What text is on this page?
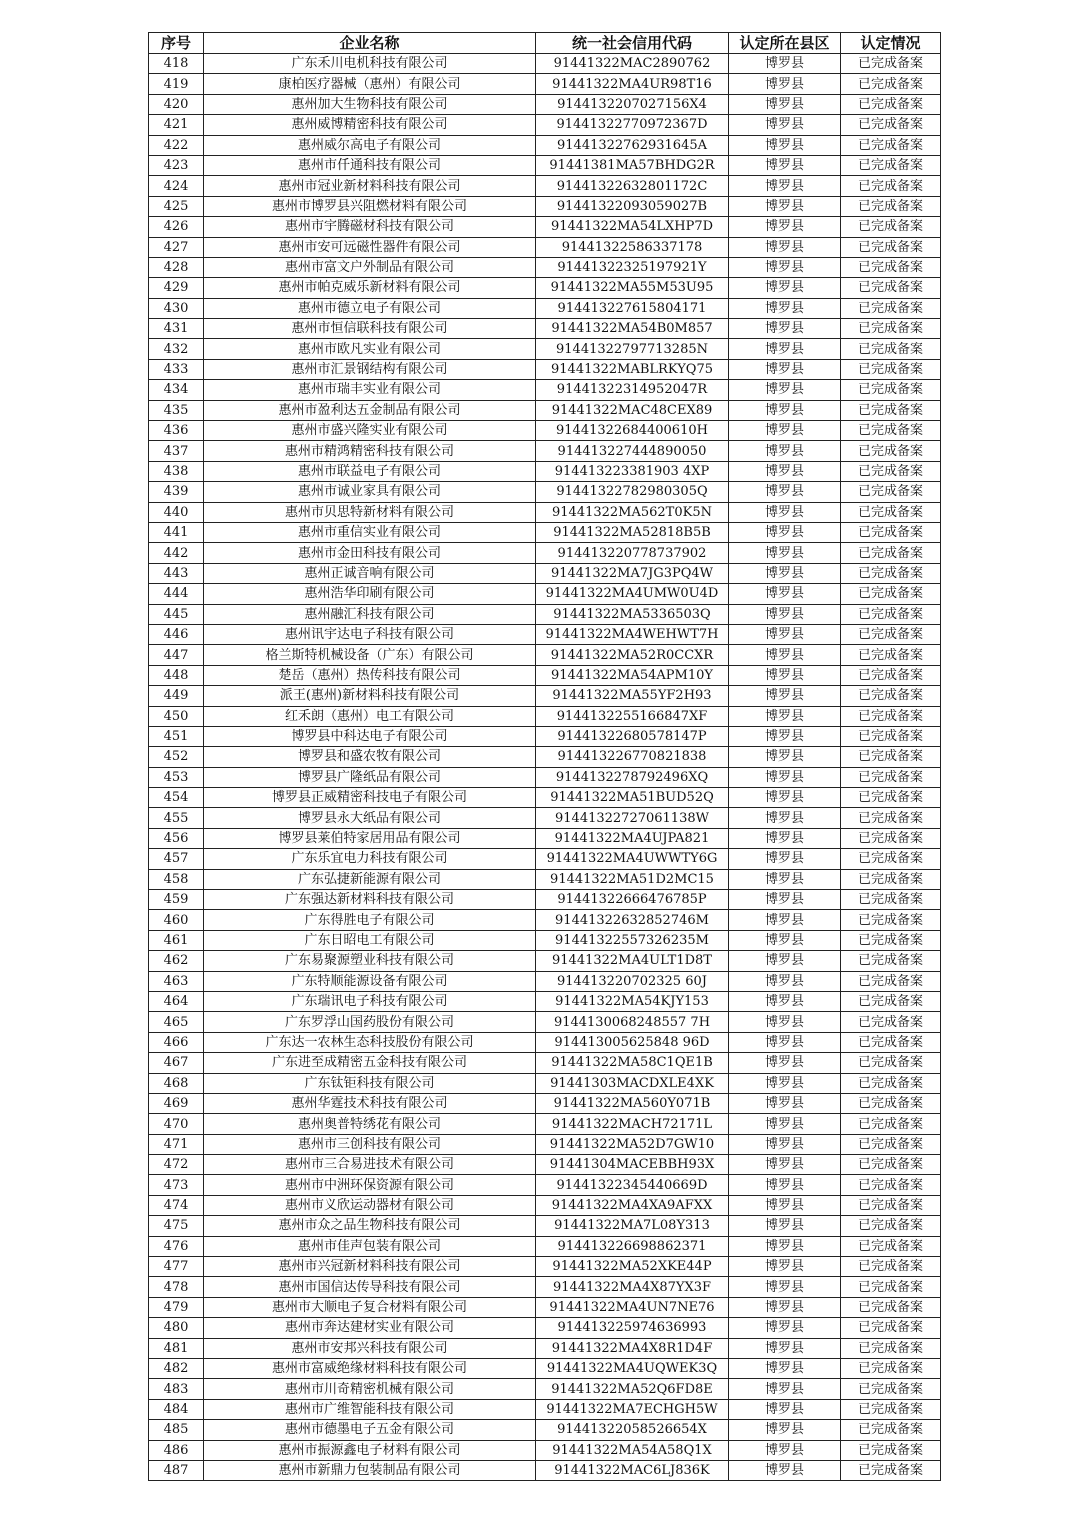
序号	企业名称	统一社会信用代码	认定所在县区	认定情况
418	广东禾川电机科技有限公司	91441322MAC2890762	博罗县	已完成备案
419	康柏医疗器械（惠州）有限公司	91441322MA4UR98T16	博罗县	已完成备案
420	惠州加大生物科技有限公司	9144132207027156X4	博罗县	已完成备案
421	惠州威博精密科技有限公司	91441322770972367D	博罗县	已完成备案
422	惠州威尔高电子有限公司	91441322762931645A	博罗县	已完成备案
423	惠州市仟通科技有限公司	91441381MA57BHDG2R	博罗县	已完成备案
424	惠州市冠业新材料科技有限公司	91441322632801172C	博罗县	已完成备案
425	惠州市博罗县兴阻燃材料有限公司	91441322093059027B	博罗县	已完成备案
426	惠州市宇腾磁材科技有限公司	91441322MA54LXHP7D	博罗县	已完成备案
427	惠州市安可远磁性器件有限公司	91441322586337178	博罗县	已完成备案
428	惠州市富文户外制品有限公司	91441322325197921Y	博罗县	已完成备案
429	惠州市帕克威乐新材料有限公司	91441322MA55M53U95	博罗县	已完成备案
430	惠州市德立电子有限公司	914413227615804171	博罗县	已完成备案
431	惠州市恒信联科技有限公司	91441322MA54B0M857	博罗县	已完成备案
432	惠州市欧凡实业有限公司	91441322797713285N	博罗县	已完成备案
433	惠州市汇景钢结构有限公司	91441322MABLRKYQ75	博罗县	已完成备案
434	惠州市瑞丰实业有限公司	91441322314952047R	博罗县	已完成备案
435	惠州市盈利达五金制品有限公司	91441322MAC48CEX89	博罗县	已完成备案
436	惠州市盛兴隆实业有限公司	91441322684400610H	博罗县	已完成备案
437	惠州市精鸿精密科技有限公司	914413227444890050	博罗县	已完成备案
438	惠州市联益电子有限公司	914413223381903 4XP	博罗县	已完成备案
439	惠州市诚业家具有限公司	91441322782980305Q	博罗县	已完成备案
440	惠州市贝思特新材料有限公司	91441322MA562T0K5N	博罗县	已完成备案
441	惠州市重信实业有限公司	91441322MA52818B5B	博罗县	已完成备案
442	惠州市金田科技有限公司	914413220778737902	博罗县	已完成备案
443	惠州正诚音响有限公司	91441322MA7JG3PQ4W	博罗县	已完成备案
444	惠州浩华印刷有限公司	91441322MA4UMW0U4D	博罗县	已完成备案
445	惠州融汇科技有限公司	91441322MA5336503Q	博罗县	已完成备案
446	惠州讯宇达电子科技有限公司	91441322MA4WEHWT7H	博罗县	已完成备案
447	格兰斯特机械设备（广东）有限公司	91441322MA52R0CCXR	博罗县	已完成备案
448	楚岳（惠州）热传科技有限公司	91441322MA54APM10Y	博罗县	已完成备案
449	派王(惠州)新材料科技有限公司	91441322MA55YF2H93	博罗县	已完成备案
450	红禾朗（惠州）电工有限公司	9144132255166847XF	博罗县	已完成备案
451	博罗县中科达电子有限公司	91441322680578147P	博罗县	已完成备案
452	博罗县和盛农牧有限公司	914413226770821838	博罗县	已完成备案
453	博罗县广隆纸品有限公司	9144132278792496XQ	博罗县	已完成备案
454	博罗县正威精密科技电子有限公司	91441322MA51BUD52Q	博罗县	已完成备案
455	博罗县永大纸品有限公司	91441322727061138W	博罗县	已完成备案
456	博罗县莱伯特家居用品有限公司	91441322MA4UJPA821	博罗县	已完成备案
457	广东乐宜电力科技有限公司	91441322MA4UWWTY6G	博罗县	已完成备案
458	广东弘捷新能源有限公司	91441322MA51D2MC15	博罗县	已完成备案
459	广东强达新材料科技有限公司	91441322666476785P	博罗县	已完成备案
460	广东得胜电子有限公司	91441322632852746M	博罗县	已完成备案
461	广东日昭电工有限公司	91441322557326235M	博罗县	已完成备案
462	广东易聚源塑业科技有限公司	91441322MA4ULT1D8T	博罗县	已完成备案
463	广东特顺能源设备有限公司	914413220702325 60J	博罗县	已完成备案
464	广东瑞讯电子科技有限公司	91441322MA54KJY153	博罗县	已完成备案
465	广东罗浮山国药股份有限公司	9144130068248557 7H	博罗县	已完成备案
466	广东达一农林生态科技股份有限公司	914413005625848 96D	博罗县	已完成备案
467	广东进至成精密五金科技有限公司	91441322MA58C1QE1B	博罗县	已完成备案
468	广东钛钜科技有限公司	91441303MACDXLE4XK	博罗县	已完成备案
469	惠州华霆技术科技有限公司	91441322MA560Y071B	博罗县	已完成备案
470	惠州奥普特绣花有限公司	91441322MACH72171L	博罗县	已完成备案
471	惠州市三创科技有限公司	91441322MA52D7GW10	博罗县	已完成备案
472	惠州市三合易进技术有限公司	91441304MACEBBH93X	博罗县	已完成备案
473	惠州市中洲环保资源有限公司	91441322345440669D	博罗县	已完成备案
474	惠州市义欣运动器材有限公司	91441322MA4XA9AFXX	博罗县	已完成备案
475	惠州市众之品生物科技有限公司	91441322MA7L08Y313	博罗县	已完成备案
476	惠州市佳声包装有限公司	914413226698862371	博罗县	已完成备案
477	惠州市兴冠新材料科技有限公司	91441322MA52XKE44P	博罗县	已完成备案
478	惠州市国信达传导科技有限公司	91441322MA4X87YX3F	博罗县	已完成备案
479	惠州市大顺电子复合材料有限公司	91441322MA4UN7NE76	博罗县	已完成备案
480	惠州市奔达建材实业有限公司	914413225974636993	博罗县	已完成备案
481	惠州市安邦兴科技有限公司	91441322MA4X8R1D4F	博罗县	已完成备案
482	惠州市富威绝缘材料科技有限公司	91441322MA4UQWEK3Q	博罗县	已完成备案
483	惠州市川奇精密机械有限公司	91441322MA52Q6FD8E	博罗县	已完成备案
484	惠州市广维智能科技有限公司	91441322MA7ECHGH5W	博罗县	已完成备案
485	惠州市德墨电子五金有限公司	91441322058526654X	博罗县	已完成备案
486	惠州市振源鑫电子材料有限公司	91441322MA54A58Q1X	博罗县	已完成备案
487	惠州市新鼎力包装制品有限公司	91441322MAC6LJ836K	博罗县	已完成备案
